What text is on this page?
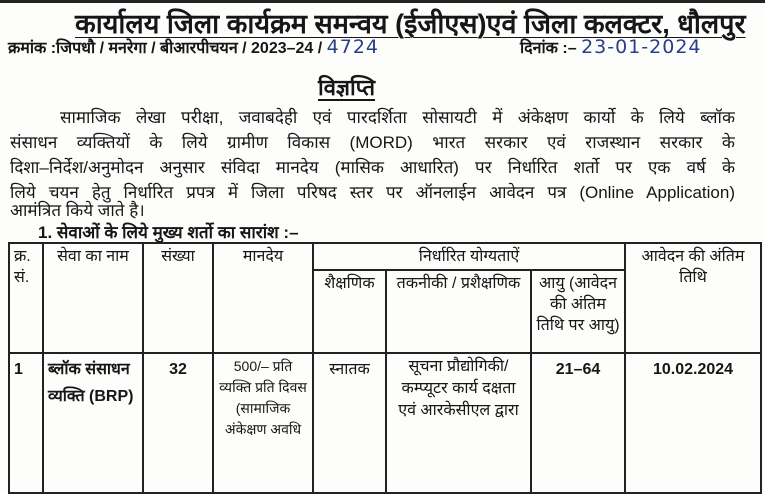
कार्यालय जिला कार्यक्रम समन्वय (ईजीएस)एवं जिला कलक्टर, धौलपुर
क्रमांक :जिपधौ / मनरेगा / बीआरपीचयन / 2023–24 / 4724	दिनांक :– 23-01-2024
विज्ञप्ति
सामाजिक लेखा परीक्षा, जवाबदेही एवं पारदर्शिता सोसायटी में अंकेक्षण कार्यो के लिये ब्लॉक
संसाधन व्यक्तियों के लिये ग्रामीण विकास (MORD) भारत सरकार एवं राजस्थान सरकार के
दिशा–निर्देश/अनुमोदन अनुसार संविदा मानदेय (मासिक आधारित) पर निर्धारित शर्तो पर एक वर्ष के
लिये चयन हेतु निर्धारित प्रपत्र में जिला परिषद स्तर पर ऑनलाईन आवेदन पत्र (Online Application)
आमंत्रित किये जाते है।
1. सेवाओं के लिये मुख्य शर्तो का सारांश :–
क्र. सं.	सेवा का नाम	संख्या	मानदेय	निर्धारित योग्यताऐं			आवेदन की अंतिम तिथि
				शैक्षणिक	तकनीकी / प्रशैक्षणिक	आयु (आवेदन की अंतिम तिथि पर आयु)	
1	ब्लॉक संसाधन व्यक्ति (BRP)	32	500/– प्रति व्यक्ति प्रति दिवस (सामाजिक अंकेक्षण अवधि	स्नातक	सूचना प्रौद्योगिकी/कम्प्यूटर कार्य दक्षता एवं आरकेसीएल द्वारा	21–64	10.02.2024
